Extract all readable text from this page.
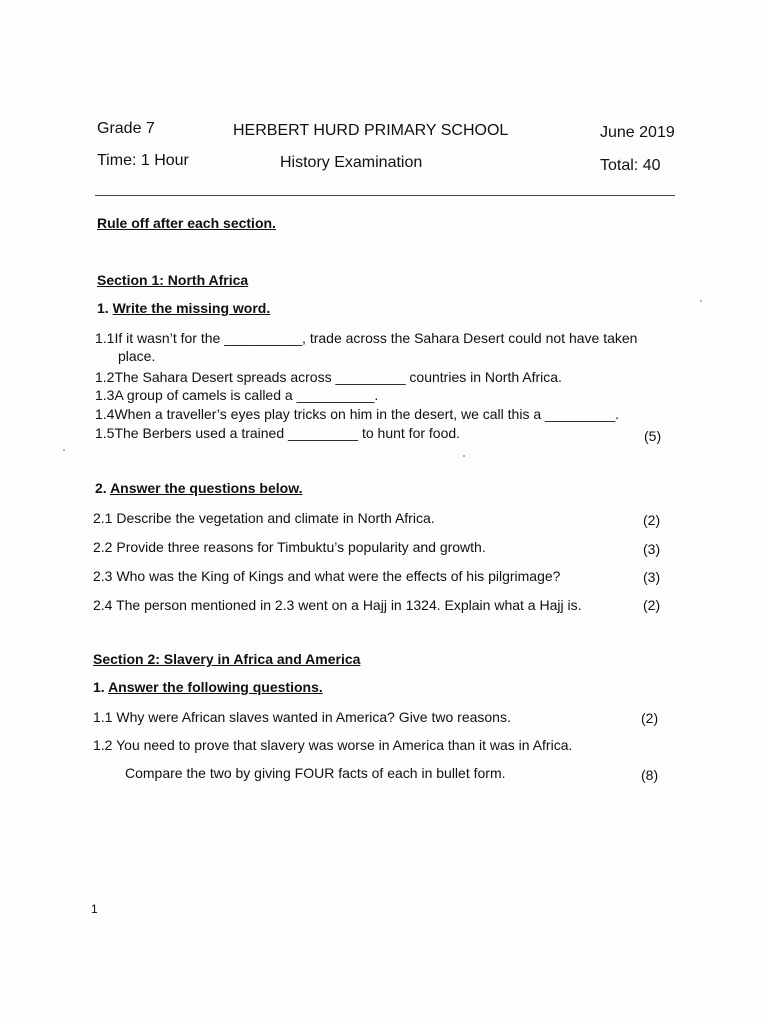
Grade 7	HERBERT HURD PRIMARY SCHOOL	June 2019
Time: 1 Hour	History Examination	Total: 40
Rule off after each section.
Section 1: North Africa
1. Write the missing word.
1.1If it wasn’t for the __________, trade across the Sahara Desert could not have taken
place.
1.2The Sahara Desert spreads across _________ countries in North Africa.
1.3A group of camels is called a __________.
1.4When a traveller’s eyes play tricks on him in the desert, we call this a _________.
1.5The Berbers used a trained _________ to hunt for food.	(5)
2. Answer the questions below.
2.1 Describe the vegetation and climate in North Africa.	(2)
2.2 Provide three reasons for Timbuktu’s popularity and growth.	(3)
2.3 Who was the King of Kings and what were the effects of his pilgrimage?	(3)
2.4 The person mentioned in 2.3 went on a Hajj in 1324. Explain what a Hajj is.	(2)
Section 2: Slavery in Africa and America
1. Answer the following questions.
1.1 Why were African slaves wanted in America? Give two reasons.	(2)
1.2 You need to prove that slavery was worse in America than it was in Africa.
Compare the two by giving FOUR facts of each in bullet form.	(8)
1
